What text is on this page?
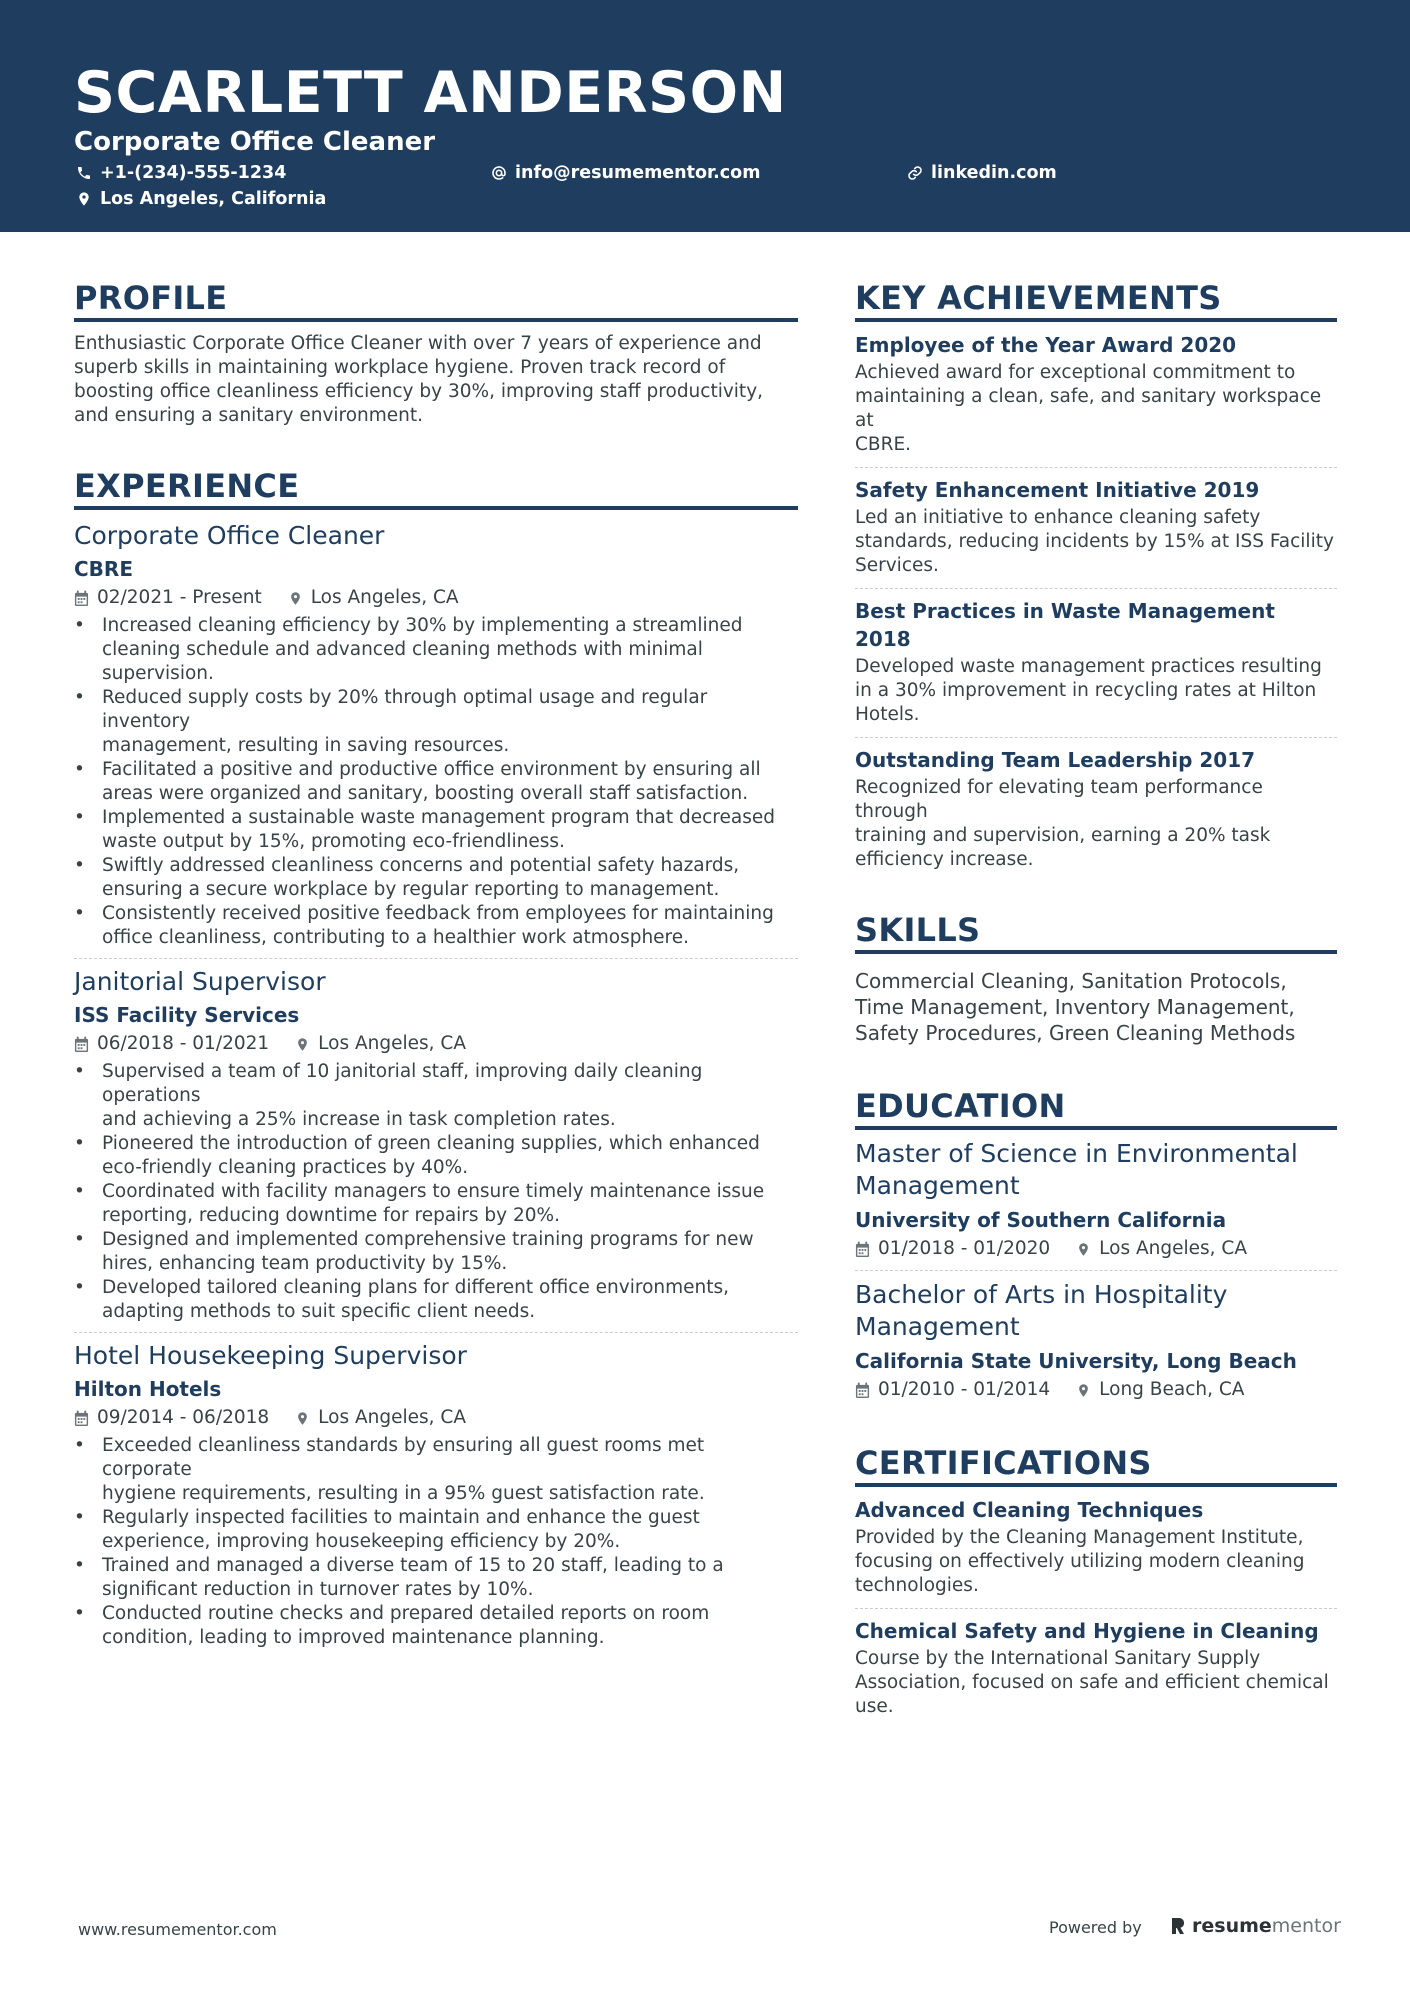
SCARLETT ANDERSON
Corporate Office Cleaner
+1-(234)-555-1234	info@resumementor.com	linkedin.com
Los Angeles, California
PROFILE
Enthusiastic Corporate Office Cleaner with over 7 years of experience and
superb skills in maintaining workplace hygiene. Proven track record of
boosting office cleanliness efficiency by 30%, improving staff productivity,
and ensuring a sanitary environment.
EXPERIENCE
Corporate Office Cleaner
CBRE
02/2021 - Present	Los Angeles, CA
• Increased cleaning efficiency by 30% by implementing a streamlined
cleaning schedule and advanced cleaning methods with minimal
supervision.
• Reduced supply costs by 20% through optimal usage and regular inventory
management, resulting in saving resources.
• Facilitated a positive and productive office environment by ensuring all
areas were organized and sanitary, boosting overall staff satisfaction.
• Implemented a sustainable waste management program that decreased
waste output by 15%, promoting eco-friendliness.
• Swiftly addressed cleanliness concerns and potential safety hazards,
ensuring a secure workplace by regular reporting to management.
• Consistently received positive feedback from employees for maintaining
office cleanliness, contributing to a healthier work atmosphere.
Janitorial Supervisor
ISS Facility Services
06/2018 - 01/2021	Los Angeles, CA
• Supervised a team of 10 janitorial staff, improving daily cleaning operations
and achieving a 25% increase in task completion rates.
• Pioneered the introduction of green cleaning supplies, which enhanced
eco-friendly cleaning practices by 40%.
• Coordinated with facility managers to ensure timely maintenance issue
reporting, reducing downtime for repairs by 20%.
• Designed and implemented comprehensive training programs for new
hires, enhancing team productivity by 15%.
• Developed tailored cleaning plans for different office environments,
adapting methods to suit specific client needs.
Hotel Housekeeping Supervisor
Hilton Hotels
09/2014 - 06/2018	Los Angeles, CA
• Exceeded cleanliness standards by ensuring all guest rooms met corporate
hygiene requirements, resulting in a 95% guest satisfaction rate.
• Regularly inspected facilities to maintain and enhance the guest
experience, improving housekeeping efficiency by 20%.
• Trained and managed a diverse team of 15 to 20 staff, leading to a
significant reduction in turnover rates by 10%.
• Conducted routine checks and prepared detailed reports on room
condition, leading to improved maintenance planning.
KEY ACHIEVEMENTS
Employee of the Year Award 2020
Achieved award for exceptional commitment to
maintaining a clean, safe, and sanitary workspace at
CBRE.
Safety Enhancement Initiative 2019
Led an initiative to enhance cleaning safety
standards, reducing incidents by 15% at ISS Facility
Services.
Best Practices in Waste Management 2018
Developed waste management practices resulting
in a 30% improvement in recycling rates at Hilton
Hotels.
Outstanding Team Leadership 2017
Recognized for elevating team performance through
training and supervision, earning a 20% task
efficiency increase.
SKILLS
Commercial Cleaning, Sanitation Protocols,
Time Management, Inventory Management,
Safety Procedures, Green Cleaning Methods
EDUCATION
Master of Science in Environmental
Management
University of Southern California
01/2018 - 01/2020	Los Angeles, CA
Bachelor of Arts in Hospitality
Management
California State University, Long Beach
01/2010 - 01/2014	Long Beach, CA
CERTIFICATIONS
Advanced Cleaning Techniques
Provided by the Cleaning Management Institute,
focusing on effectively utilizing modern cleaning
technologies.
Chemical Safety and Hygiene in Cleaning
Course by the International Sanitary Supply
Association, focused on safe and efficient chemical
use.
www.resumementor.com	Powered by	resumementor
